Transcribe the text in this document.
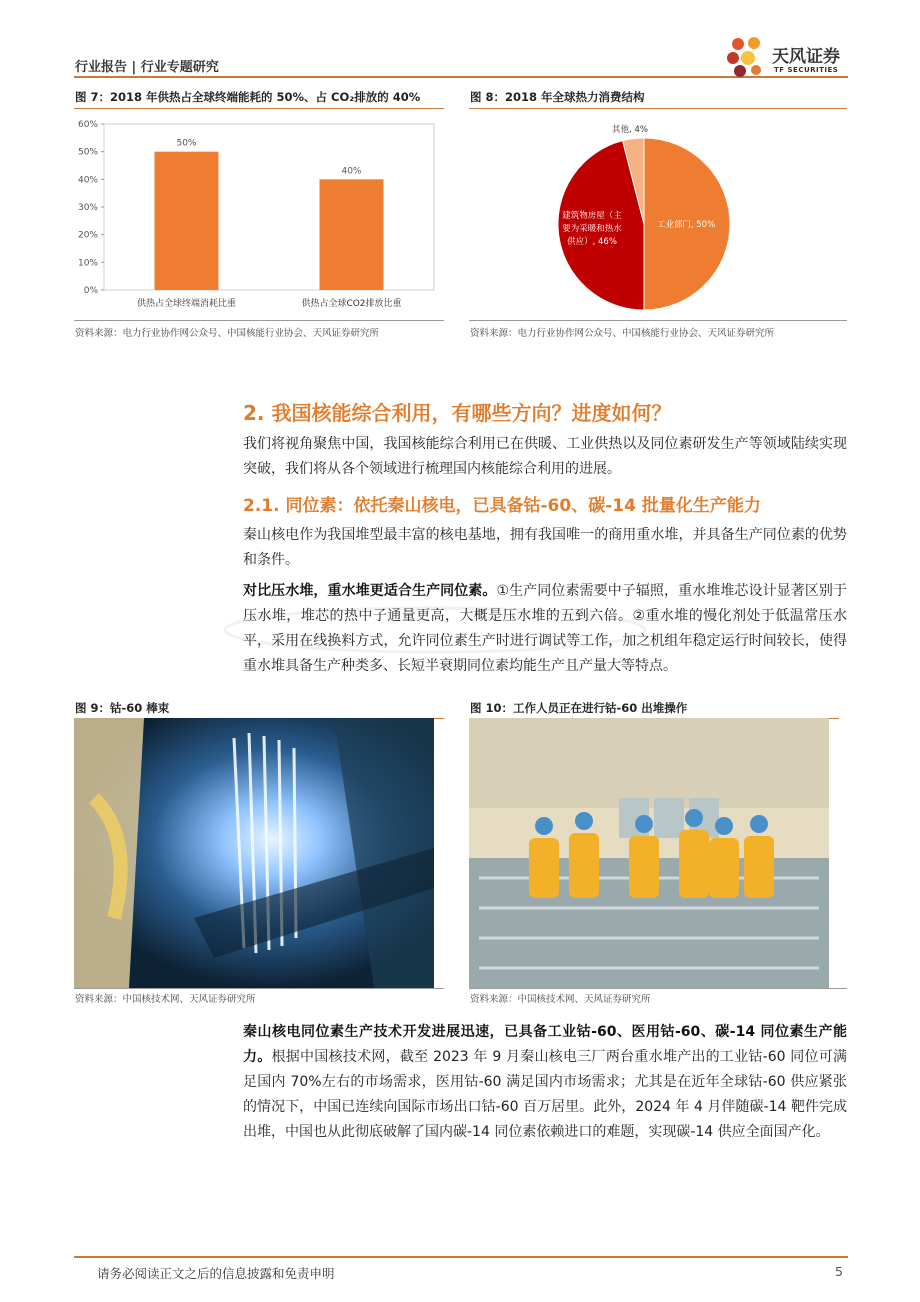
行业报告 | 行业专题研究
天风证券
TF SECURITIES
图 7：2018 年供热占全球终端能耗的 50%、占 CO₂排放的 40%
0%
10%
20%
30%
40%
50%
60%
50%
供热占全球终端消耗比重
40%
供热占全球CO2排放比重
资料来源：电力行业协作网公众号、中国核能行业协会、天风证券研究所
图 8：2018 年全球热力消费结构
工业部门, 50%
建筑物房屋（主
要为采暖和热水
供应）, 46%
其他, 4%
资料来源：电力行业协作网公众号、中国核能行业协会、天风证券研究所
2. 我国核能综合利用，有哪些方向？进度如何？
我们将视角聚焦中国，我国核能综合利用已在供暖、工业供热以及同位素研发生产等领域陆续实现突破，我们将从各个领域进行梳理国内核能综合利用的进展。
2.1. 同位素：依托秦山核电，已具备钴-60、碳-14 批量化生产能力
秦山核电作为我国堆型最丰富的核电基地，拥有我国唯一的商用重水堆，并具备生产同位素的优势和条件。
对比压水堆，重水堆更适合生产同位素。①生产同位素需要中子辐照，重水堆堆芯设计显著区别于压水堆，堆芯的热中子通量更高，大概是压水堆的五到六倍。②重水堆的慢化剂处于低温常压水平，采用在线换料方式，允许同位素生产时进行调试等工作，加之机组年稳定运行时间较长，使得重水堆具备生产种类多、长短半衰期同位素均能生产且产量大等特点。
图 9：钴-60 棒束
资料来源：中国核技术网、天风证券研究所
图 10：工作人员正在进行钴-60 出堆操作
资料来源：中国核技术网、天风证券研究所
秦山核电同位素生产技术开发进展迅速，已具备工业钴-60、医用钴-60、碳-14 同位素生产能力。根据中国核技术网，截至 2023 年 9 月秦山核电三厂两台重水堆产出的工业钴-60 同位可满足国内 70%左右的市场需求，医用钴-60 满足国内市场需求；尤其是在近年全球钴-60 供应紧张的情况下，中国已连续向国际市场出口钴-60 百万居里。此外，2024 年 4 月伴随碳-14 靶件完成出堆，中国也从此彻底破解了国内碳-14 同位素依赖进口的难题，实现碳-14 供应全面国产化。
请务必阅读正文之后的信息披露和免责申明	5
